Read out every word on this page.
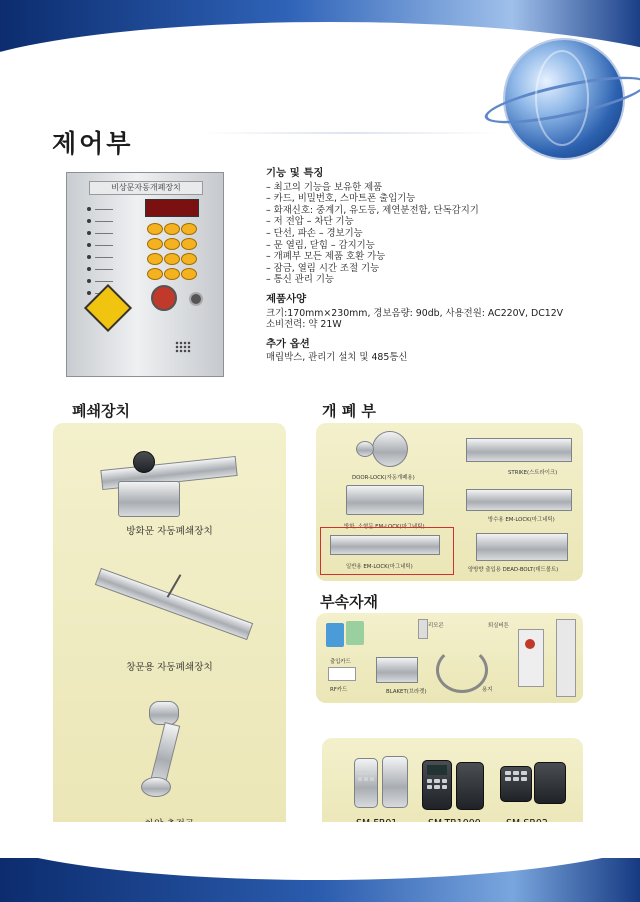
제어부
비상문자동개폐장치

기능 및 특징

– 최고의 기능을 보유한 제품
– 카드, 비밀번호, 스마트폰 출입기능
– 화재신호: 중계기, 유도등, 제연분전함, 단독감지기
– 저 전압 – 차단 기능
– 단선, 파손 – 경보기능
– 문 열림, 닫힘 – 감지기능
– 개폐부 모든 제품 호환 가능
– 잠금, 열림 시간 조절 기능
– 통신 관리 기능

제품사양

크기:170mm×230mm, 경보음량: 90db, 사용전원: AC220V, DC12V

소비전력: 약 21W

추가 옵션

매립박스, 관리기 설치 및 485통신

폐쇄장치
방화문 자동폐쇄장치
창문용 자동폐쇄장치
개 폐 부
DOOR-LOCK(자동개폐용)
STRIKE(스트라이크)
방화, 소형문 EM-LOCK(마그네틱)
방수용 EM-LOCK(마그네틱)
일반용 EM-LOCK(마그네틱)	양방향 출입용 DEAD-BOLT(데드볼트)
부속자재
출입카드
RF카드
리모콘
BLAKET(브라켓)	용지
퇴실버튼
